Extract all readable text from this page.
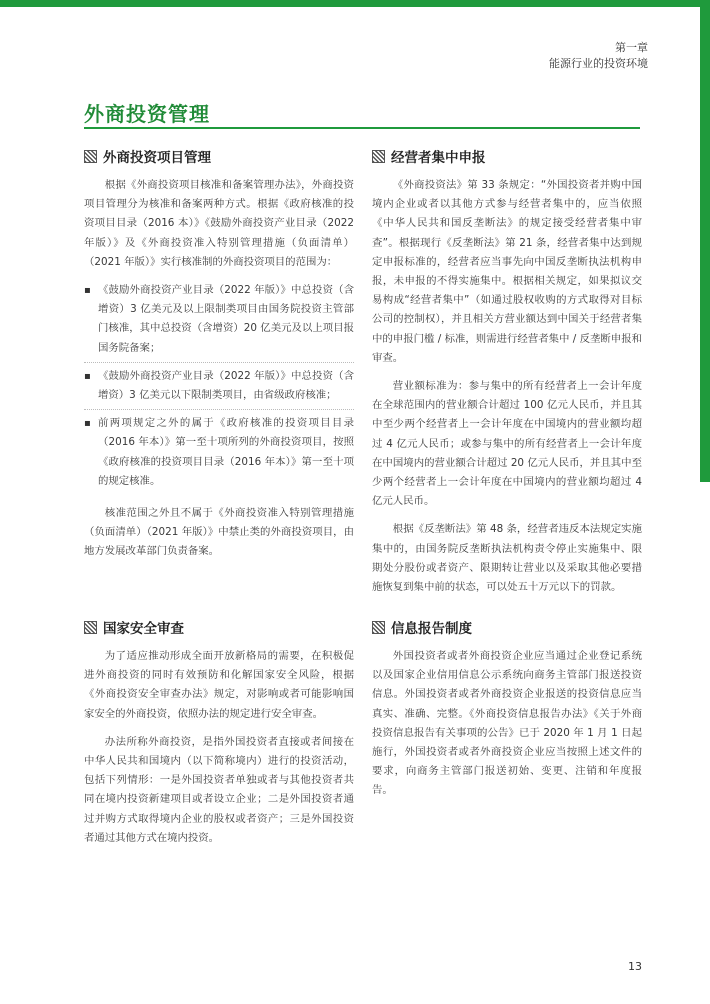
第一章
能源行业的投资环境
外商投资管理
外商投资项目管理

根据《外商投资项目核准和备案管理办法》，外商投资项目管理分为核准和备案两种方式。根据《政府核准的投资项目目录（2016 本）》《鼓励外商投资产业目录（2022 年版）》及《外商投资准入特别管理措施（负面清单）（2021 年版）》实行核准制的外商投资项目的范围为：

▪ 《鼓励外商投资产业目录（2022 年版）》中总投资（含增资）3 亿美元及以上限制类项目由国务院投资主管部门核准，其中总投资（含增资）20 亿美元及以上项目报国务院备案；
▪ 《鼓励外商投资产业目录（2022 年版）》中总投资（含增资）3 亿美元以下限制类项目，由省级政府核准；
▪ 前两项规定之外的属于《政府核准的投资项目目录（2016 年本）》第一至十项所列的外商投资项目，按照《政府核准的投资项目目录（2016 年本）》第一至十项的规定核准。

核准范围之外且不属于《外商投资准入特别管理措施（负面清单）（2021 年版）》中禁止类的外商投资项目，由地方发展改革部门负责备案。

国家安全审查

为了适应推动形成全面开放新格局的需要，在积极促进外商投资的同时有效预防和化解国家安全风险，根据《外商投资安全审查办法》规定，对影响或者可能影响国家安全的外商投资，依照办法的规定进行安全审查。

办法所称外商投资，是指外国投资者直接或者间接在中华人民共和国境内（以下简称境内）进行的投资活动，包括下列情形：一是外国投资者单独或者与其他投资者共同在境内投资新建项目或者设立企业；二是外国投资者通过并购方式取得境内企业的股权或者资产；三是外国投资者通过其他方式在境内投资。

经营者集中申报

《外商投资法》第 33 条规定：“外国投资者并购中国境内企业或者以其他方式参与经营者集中的，应当依照《中华人民共和国反垄断法》的规定接受经营者集中审查”。根据现行《反垄断法》第 21 条，经营者集中达到规定申报标准的，经营者应当事先向中国反垄断执法机构申报，未申报的不得实施集中。根据相关规定，如果拟议交易构成“经营者集中”（如通过股权收购的方式取得对目标公司的控制权），并且相关方营业额达到中国关于经营者集中的申报门槛 / 标准，则需进行经营者集中 / 反垄断申报和审查。

营业额标准为：参与集中的所有经营者上一会计年度在全球范围内的营业额合计超过 100 亿元人民币，并且其中至少两个经营者上一会计年度在中国境内的营业额均超过 4 亿元人民币；或参与集中的所有经营者上一会计年度在中国境内的营业额合计超过 20 亿元人民币，并且其中至少两个经营者上一会计年度在中国境内的营业额均超过 4 亿元人民币。

根据《反垄断法》第 48 条，经营者违反本法规定实施集中的，由国务院反垄断执法机构责令停止实施集中、限期处分股份或者资产、限期转让营业以及采取其他必要措施恢复到集中前的状态，可以处五十万元以下的罚款。

信息报告制度

外国投资者或者外商投资企业应当通过企业登记系统以及国家企业信用信息公示系统向商务主管部门报送投资信息。外国投资者或者外商投资企业报送的投资信息应当真实、准确、完整。《外商投资信息报告办法》《关于外商投资信息报告有关事项的公告》已于 2020 年 1 月 1 日起施行，外国投资者或者外商投资企业应当按照上述文件的要求，向商务主管部门报送初始、变更、注销和年度报告。

13
